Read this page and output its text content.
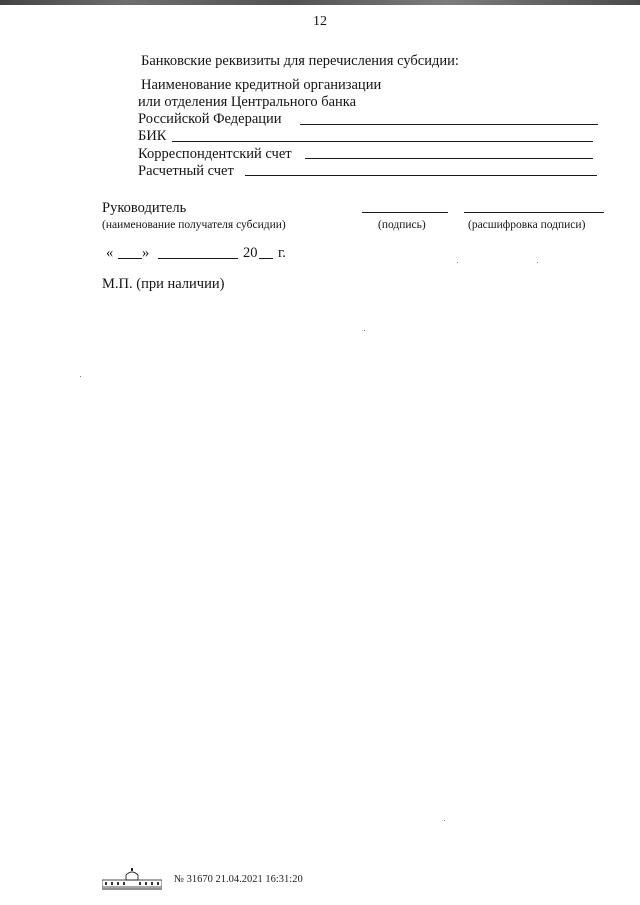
12
Банковские реквизиты для перечисления субсидии:
Наименование кредитной организации
или отделения Центрального банка
Российской Федерации
БИК
Корреспондентский счет
Расчетный счет
Руководитель
(наименование получателя субсидии)	(подпись)	(расшифровка подписи)
« »	20 г.
М.П. (при наличии)
№ 31670 21.04.2021 16:31:20
